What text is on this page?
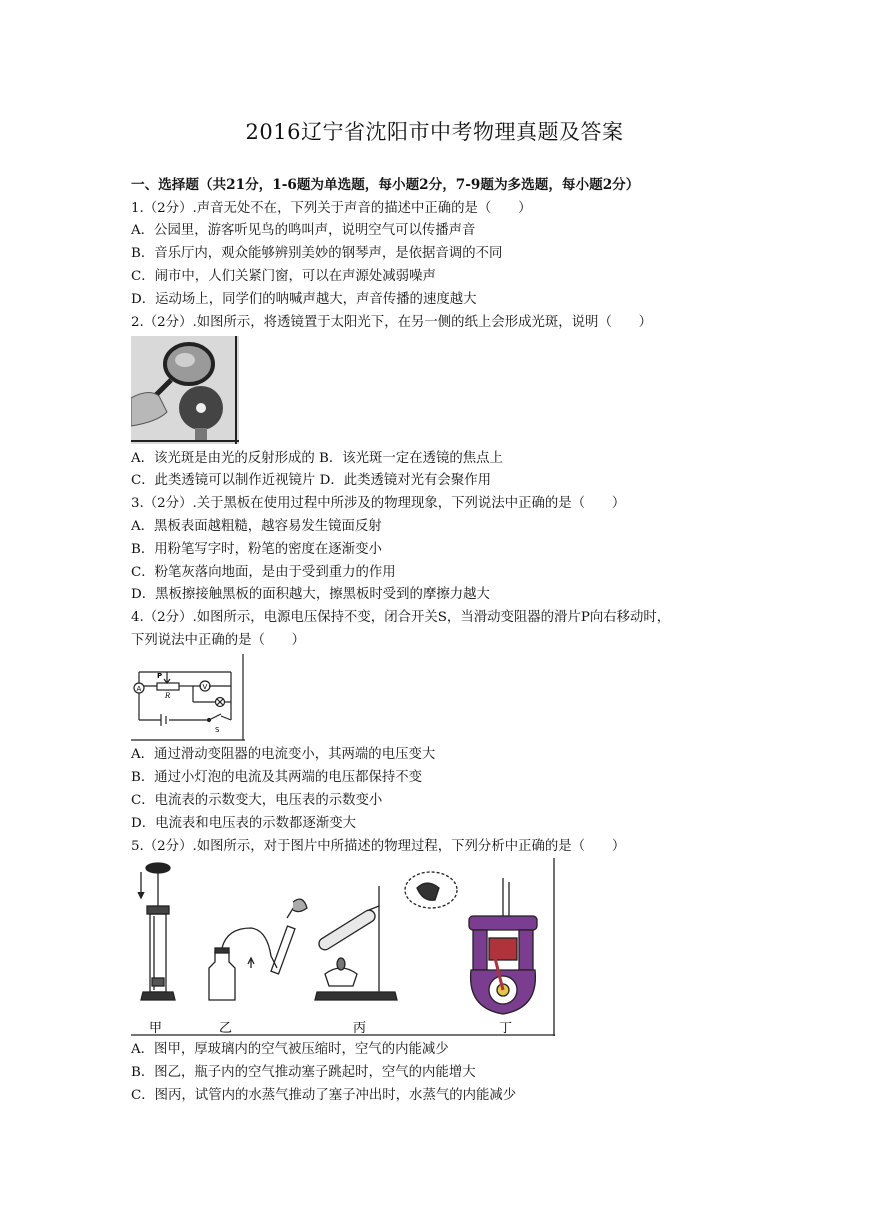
2016辽宁省沈阳市中考物理真题及答案
一、选择题（共21分，1-6题为单选题，每小题2分，7-9题为多选题，每小题2分）
1.（2分）.声音无处不在，下列关于声音的描述中正确的是（　　）
A．公园里，游客听见鸟的鸣叫声，说明空气可以传播声音
B．音乐厅内，观众能够辨别美妙的钢琴声，是依据音调的不同
C．闹市中，人们关紧门窗，可以在声源处减弱噪声
D．运动场上，同学们的呐喊声越大，声音传播的速度越大
2.（2分）.如图所示，将透镜置于太阳光下，在另一侧的纸上会形成光斑，说明（　　）
A．该光斑是由光的反射形成的 B．该光斑一定在透镜的焦点上
C．此类透镜可以制作近视镜片 D．此类透镜对光有会聚作用
3.（2分）.关于黑板在使用过程中所涉及的物理现象，下列说法中正确的是（　　）
A．黑板表面越粗糙，越容易发生镜面反射
B．用粉笔写字时，粉笔的密度在逐渐变小
C．粉笔灰落向地面，是由于受到重力的作用
D．黑板擦接触黑板的面积越大，擦黑板时受到的摩擦力越大
4.（2分）.如图所示，电源电压保持不变，闭合开关S，当滑动变阻器的滑片P向右移动时，
下列说法中正确的是（　　）
A	V
P
R
S
A．通过滑动变阻器的电流变小，其两端的电压变大
B．通过小灯泡的电流及其两端的电压都保持不变
C．电流表的示数变大，电压表的示数变小
D．电流表和电压表的示数都逐渐变大
5.（2分）.如图所示，对于图片中所描述的物理过程，下列分析中正确的是（　　）
甲	乙	丙	丁
A．图甲，厚玻璃内的空气被压缩时，空气的内能减少
B．图乙，瓶子内的空气推动塞子跳起时，空气的内能增大
C．图丙，试管内的水蒸气推动了塞子冲出时，水蒸气的内能减少
